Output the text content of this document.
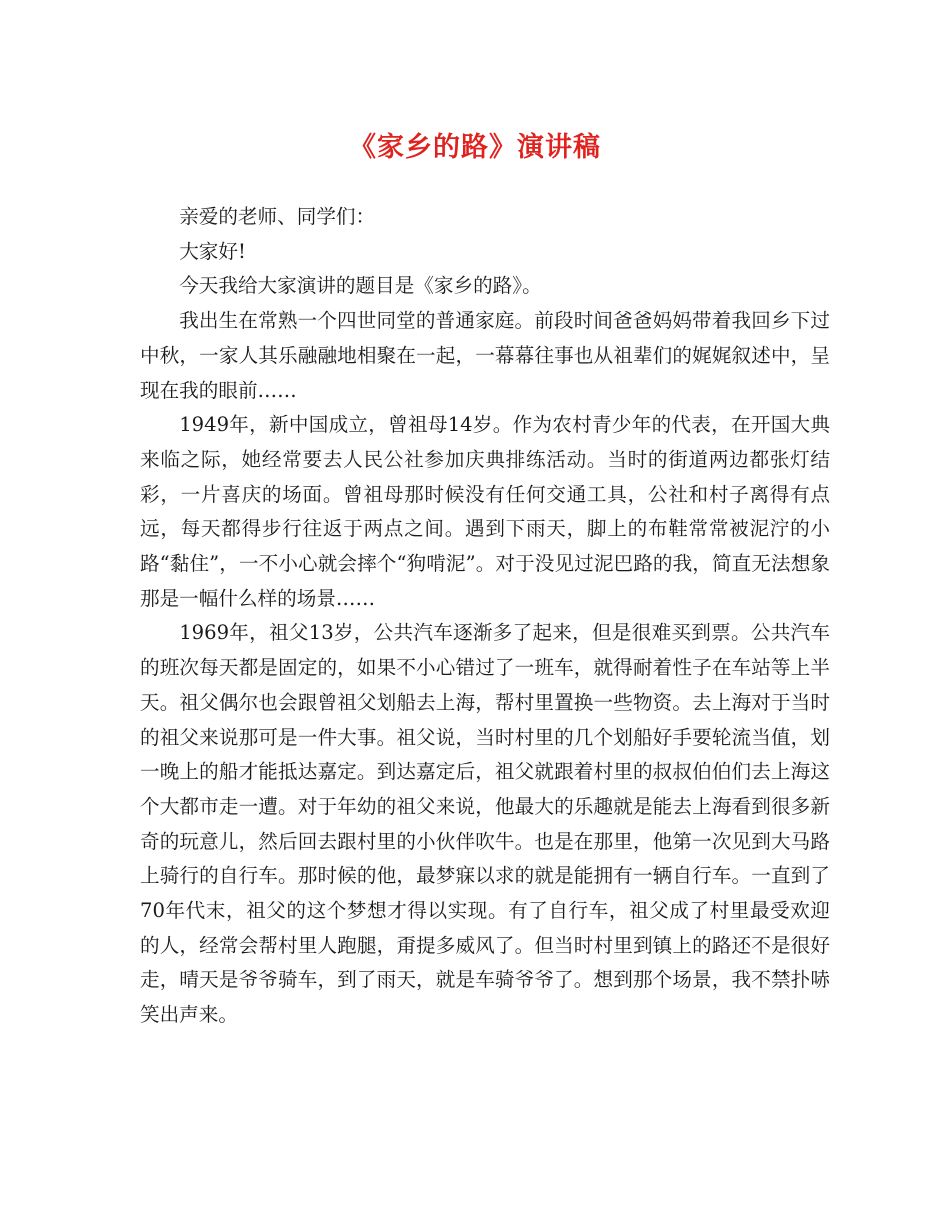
《家乡的路》演讲稿

亲爱的老师、同学们：

大家好!

今天我给大家演讲的题目是《家乡的路》。

我出生在常熟一个四世同堂的普通家庭。前段时间爸爸妈妈带着我回乡下过中秋，一家人其乐融融地相聚在一起，一幕幕往事也从祖辈们的娓娓叙述中，呈现在我的眼前……

1949年，新中国成立，曾祖母14岁。作为农村青少年的代表，在开国大典来临之际，她经常要去人民公社参加庆典排练活动。当时的街道两边都张灯结彩，一片喜庆的场面。曾祖母那时候没有任何交通工具，公社和村子离得有点远，每天都得步行往返于两点之间。遇到下雨天，脚上的布鞋常常被泥泞的小路“黏住”，一不小心就会摔个“狗啃泥”。对于没见过泥巴路的我，简直无法想象那是一幅什么样的场景……

1969年，祖父13岁，公共汽车逐渐多了起来，但是很难买到票。公共汽车的班次每天都是固定的，如果不小心错过了一班车，就得耐着性子在车站等上半天。祖父偶尔也会跟曾祖父划船去上海，帮村里置换一些物资。去上海对于当时的祖父来说那可是一件大事。祖父说，当时村里的几个划船好手要轮流当值，划一晚上的船才能抵达嘉定。到达嘉定后，祖父就跟着村里的叔叔伯伯们去上海这个大都市走一遭。对于年幼的祖父来说，他最大的乐趣就是能去上海看到很多新奇的玩意儿，然后回去跟村里的小伙伴吹牛。也是在那里，他第一次见到大马路上骑行的自行车。那时候的他，最梦寐以求的就是能拥有一辆自行车。一直到了70年代末，祖父的这个梦想才得以实现。有了自行车，祖父成了村里最受欢迎的人，经常会帮村里人跑腿，甭提多威风了。但当时村里到镇上的路还不是很好走，晴天是爷爷骑车，到了雨天，就是车骑爷爷了。想到那个场景，我不禁扑哧笑出声来。
